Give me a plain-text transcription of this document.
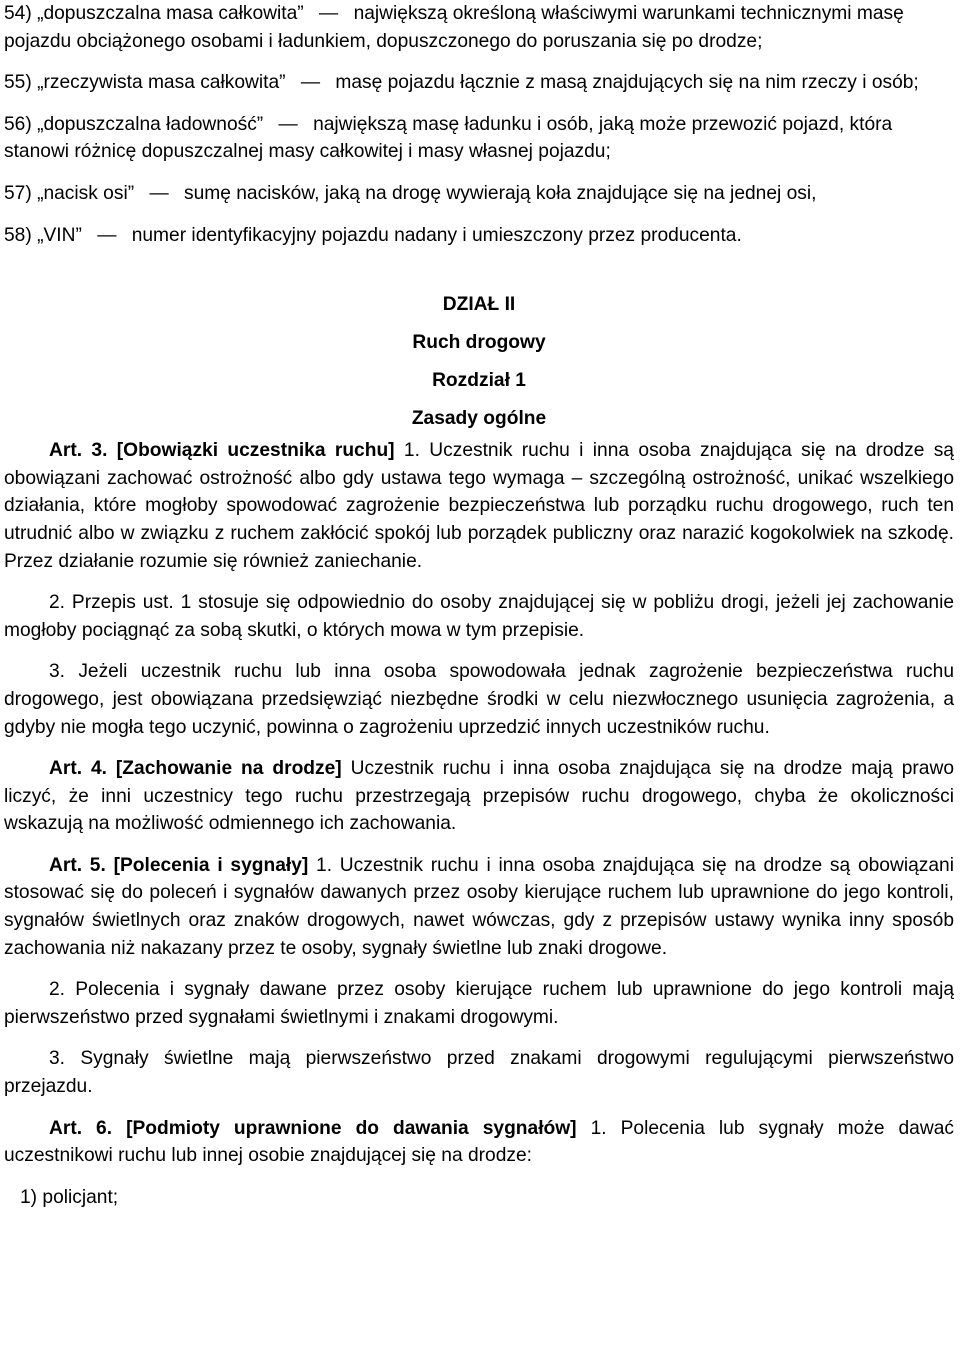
54) „dopuszczalna masa całkowita” — największą określoną właściwymi warunkami technicznymi masę pojazdu obciążonego osobami i ładunkiem, dopuszczonego do poruszania się po drodze;
55) „rzeczywista masa całkowita” — masę pojazdu łącznie z masą znajdujących się na nim rzeczy i osób;
56) „dopuszczalna ładowność” — największą masę ładunku i osób, jaką może przewozić pojazd, która stanowi różnicę dopuszczalnej masy całkowitej i masy własnej pojazdu;
57) „nacisk osi” — sumę nacisków, jaką na drogę wywierają koła znajdujące się na jednej osi,
58) „VIN” — numer identyfikacyjny pojazdu nadany i umieszczony przez producenta.
DZIAŁ II
Ruch drogowy
Rozdział 1
Zasady ogólne

Art. 3. [Obowiązki uczestnika ruchu] 1. Uczestnik ruchu i inna osoba znajdująca się na drodze są obowiązani zachować ostrożność albo gdy ustawa tego wymaga – szczególną ostrożność, unikać wszelkiego działania, które mogłoby spowodować zagrożenie bezpieczeństwa lub porządku ruchu drogowego, ruch ten utrudnić albo w związku z ruchem zakłócić spokój lub porządek publiczny oraz narazić kogokolwiek na szkodę. Przez działanie rozumie się również zaniechanie.

2. Przepis ust. 1 stosuje się odpowiednio do osoby znajdującej się w pobliżu drogi, jeżeli jej zachowanie mogłoby pociągnąć za sobą skutki, o których mowa w tym przepisie.

3. Jeżeli uczestnik ruchu lub inna osoba spowodowała jednak zagrożenie bezpieczeństwa ruchu drogowego, jest obowiązana przedsięwziąć niezbędne środki w celu niezwłocznego usunięcia zagrożenia, a gdyby nie mogła tego uczynić, powinna o zagrożeniu uprzedzić innych uczestników ruchu.

Art. 4. [Zachowanie na drodze] Uczestnik ruchu i inna osoba znajdująca się na drodze mają prawo liczyć, że inni uczestnicy tego ruchu przestrzegają przepisów ruchu drogowego, chyba że okoliczności wskazują na możliwość odmiennego ich zachowania.

Art. 5. [Polecenia i sygnały] 1. Uczestnik ruchu i inna osoba znajdująca się na drodze są obowiązani stosować się do poleceń i sygnałów dawanych przez osoby kierujące ruchem lub uprawnione do jego kontroli, sygnałów świetlnych oraz znaków drogowych, nawet wówczas, gdy z przepisów ustawy wynika inny sposób zachowania niż nakazany przez te osoby, sygnały świetlne lub znaki drogowe.

2. Polecenia i sygnały dawane przez osoby kierujące ruchem lub uprawnione do jego kontroli mają pierwszeństwo przed sygnałami świetlnymi i znakami drogowymi.

3. Sygnały świetlne mają pierwszeństwo przed znakami drogowymi regulującymi pierwszeństwo przejazdu.

Art. 6. [Podmioty uprawnione do dawania sygnałów] 1. Polecenia lub sygnały może dawać uczestnikowi ruchu lub innej osobie znajdującej się na drodze:

1) policjant;
